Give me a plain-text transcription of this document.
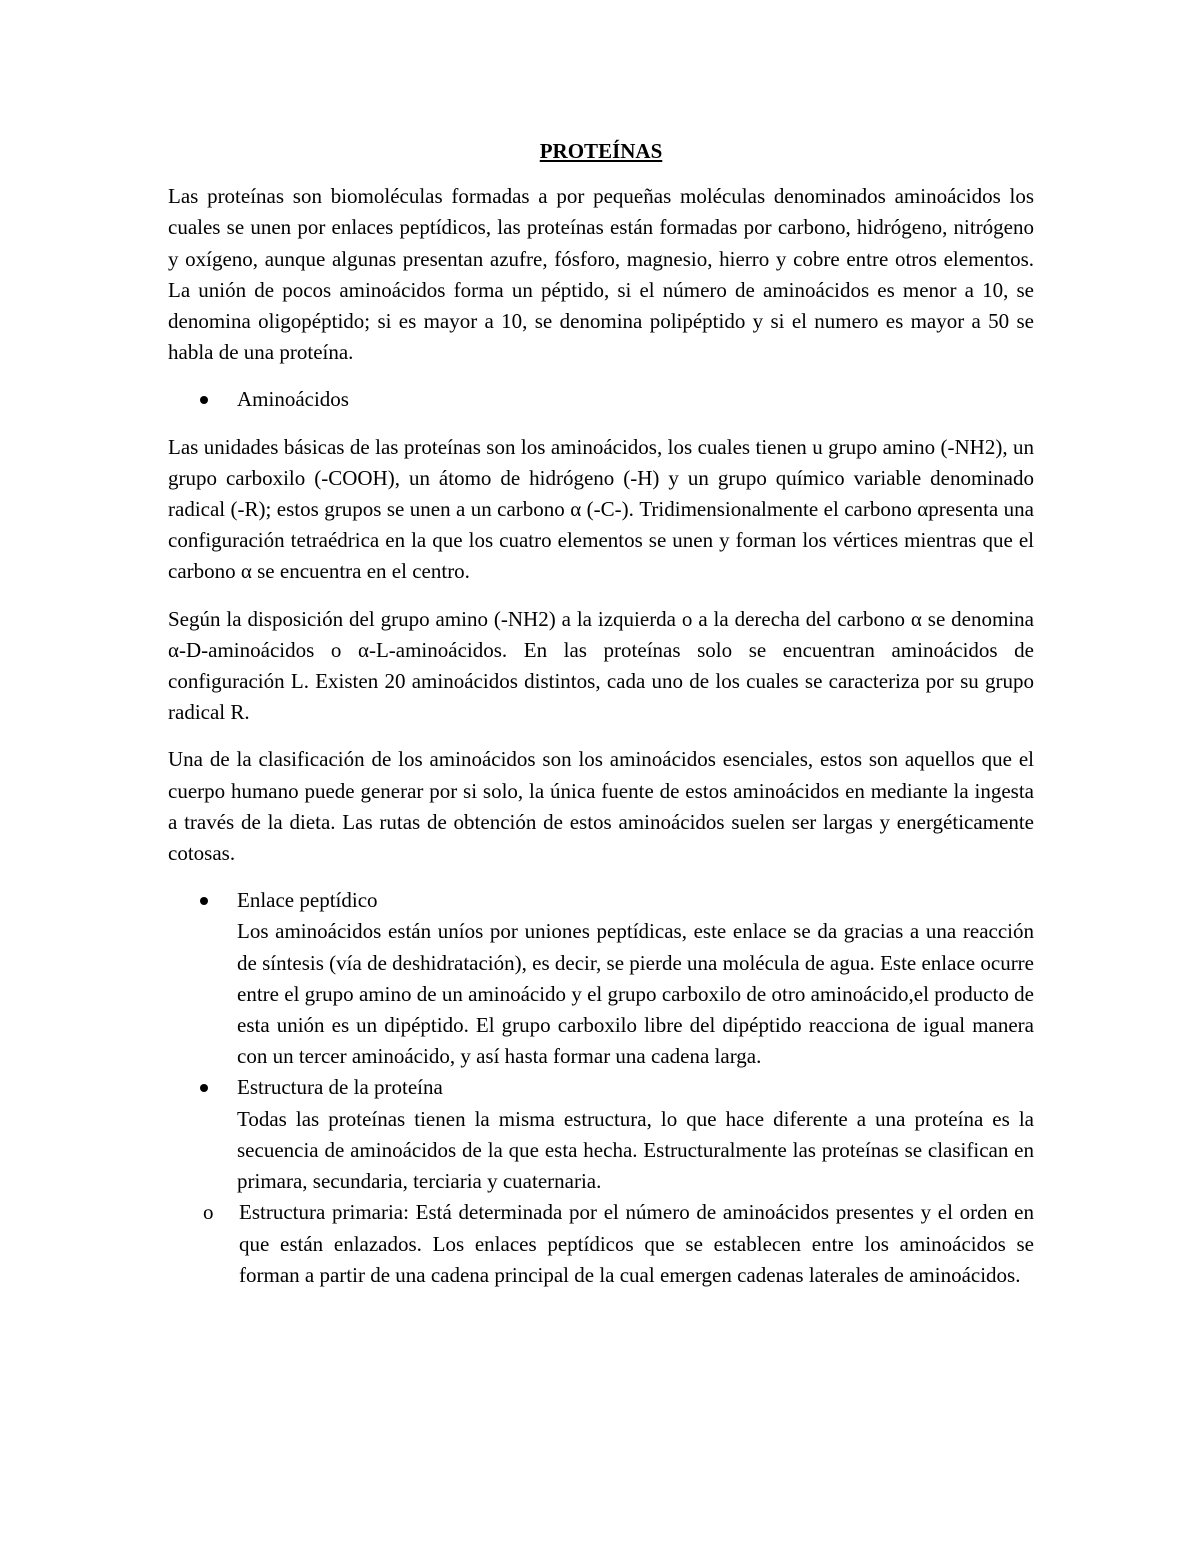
PROTEÍNAS

Las proteínas son biomoléculas formadas a por pequeñas moléculas denominados aminoácidos los cuales se unen por enlaces peptídicos, las proteínas están formadas por carbono, hidrógeno, nitrógeno y oxígeno, aunque algunas presentan azufre, fósforo, magnesio, hierro y cobre entre otros elementos. La unión de pocos aminoácidos forma un péptido, si el número de aminoácidos es menor a 10, se denomina oligopéptido; si es mayor a 10, se denomina polipéptido y si el numero es mayor a 50 se habla de una proteína.

Aminoácidos

Las unidades básicas de las proteínas son los aminoácidos, los cuales tienen u grupo amino (-NH2), un grupo carboxilo (-COOH), un átomo de hidrógeno (-H) y un grupo químico variable denominado radical (-R); estos grupos se unen a un carbono α (-C-). Tridimensionalmente el carbono αpresenta una configuración tetraédrica en la que los cuatro elementos se unen y forman los vértices mientras que el carbono α se encuentra en el centro.

Según la disposición del grupo amino (-NH2) a la izquierda o a la derecha del carbono α se denomina α-D-aminoácidos o α-L-aminoácidos. En las proteínas solo se encuentran aminoácidos de configuración L. Existen 20 aminoácidos distintos, cada uno de los cuales se caracteriza por su grupo radical R.

Una de la clasificación de los aminoácidos son los aminoácidos esenciales, estos son aquellos que el cuerpo humano puede generar por si solo, la única fuente de estos aminoácidos en mediante la ingesta a través de la dieta. Las rutas de obtención de estos aminoácidos suelen ser largas y energéticamente cotosas.

Enlace peptídico
Los aminoácidos están uníos por uniones peptídicas, este enlace se da gracias a una reacción de síntesis (vía de deshidratación), es decir, se pierde una molécula de agua. Este enlace ocurre entre el grupo amino de un aminoácido y el grupo carboxilo de otro aminoácido,el producto de esta unión es un dipéptido. El grupo carboxilo libre del dipéptido reacciona de igual manera con un tercer aminoácido, y así hasta formar una cadena larga.
Estructura de la proteína
Todas las proteínas tienen la misma estructura, lo que hace diferente a una proteína es la secuencia de aminoácidos de la que esta hecha. Estructuralmente las proteínas se clasifican en primara, secundaria, terciaria y cuaternaria.
o Estructura primaria: Está determinada por el número de aminoácidos presentes y el orden en que están enlazados. Los enlaces peptídicos que se establecen entre los aminoácidos se forman a partir de una cadena principal de la cual emergen cadenas laterales de aminoácidos.
